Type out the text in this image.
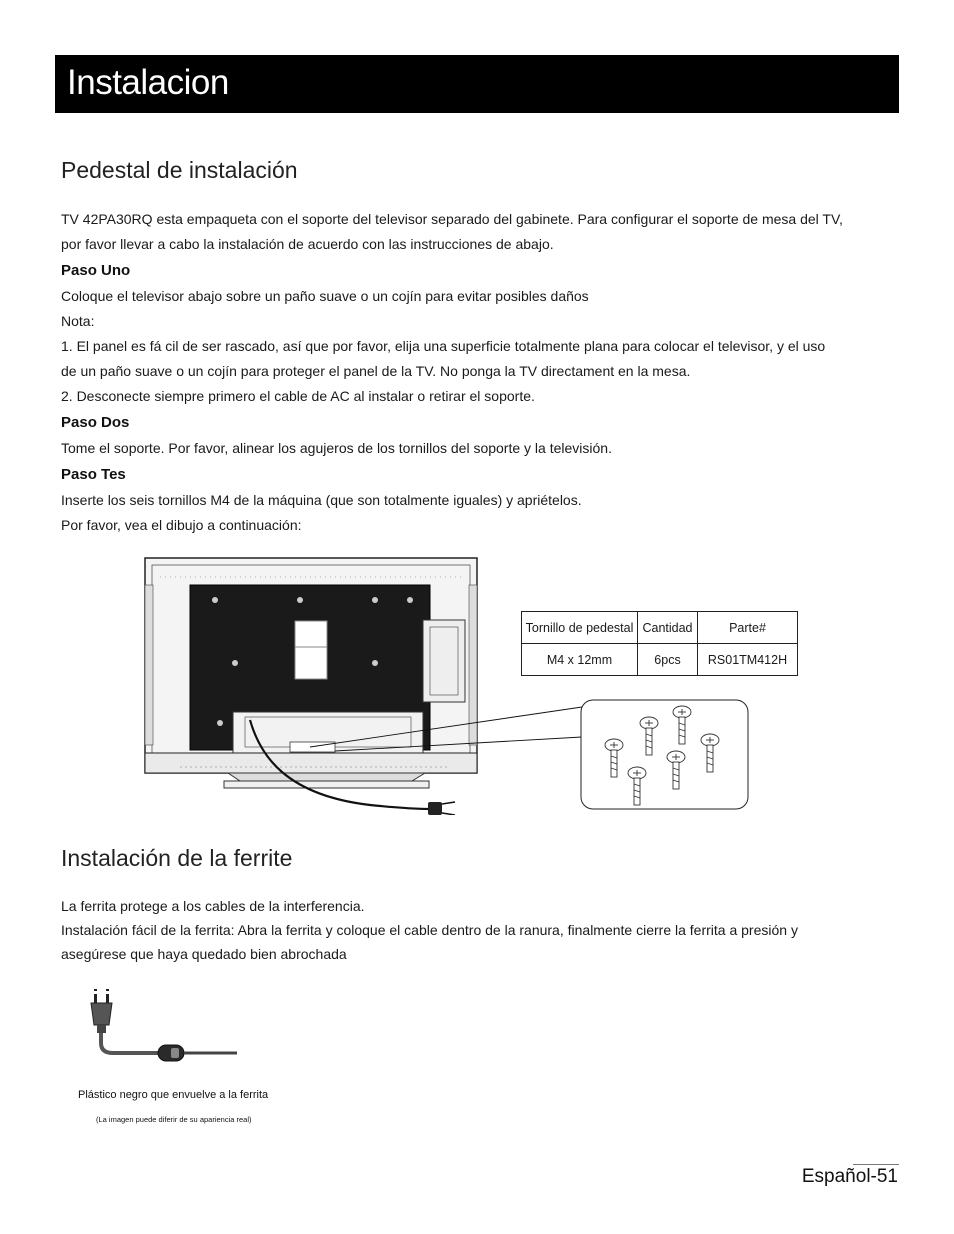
Instalacion
Pedestal de instalación
TV 42PA30RQ esta empaqueta con el soporte del televisor separado del gabinete. Para configurar el soporte de mesa del TV,
por favor llevar a cabo la instalación de acuerdo con las instrucciones de abajo.
Paso Uno
Coloque el televisor abajo sobre un paño suave o un cojín para evitar posibles daños
Nota:
1. El panel es fá cil de ser rascado, así que por favor, elija una superficie totalmente plana para colocar el televisor, y el uso
de un paño suave o un cojín para proteger el panel de la TV. No ponga la TV directament en la mesa.
2. Desconecte siempre primero el cable de AC al instalar o retirar el soporte.
Paso Dos
Tome el soporte. Por favor, alinear los agujeros de los tornillos del soporte y la televisión.
Paso Tes
Inserte los seis tornillos M4 de la máquina (que son totalmente iguales) y apriételos.
Por favor, vea el dibujo a continuación:
Tornillo de pedestal	Cantidad	Parte#
M4 x 12mm	6pcs	RS01TM412H
Instalación de la ferrite
La ferrita protege a los cables de la interferencia.
Instalación fácil de la ferrita: Abra la ferrita y coloque el cable dentro de la ranura, finalmente cierre la ferrita a presión y
asegúrese que haya quedado bien abrochada
Plástico negro que envuelve a la ferrita
(La imagen puede diferir de su apariencia real)
Español-51
